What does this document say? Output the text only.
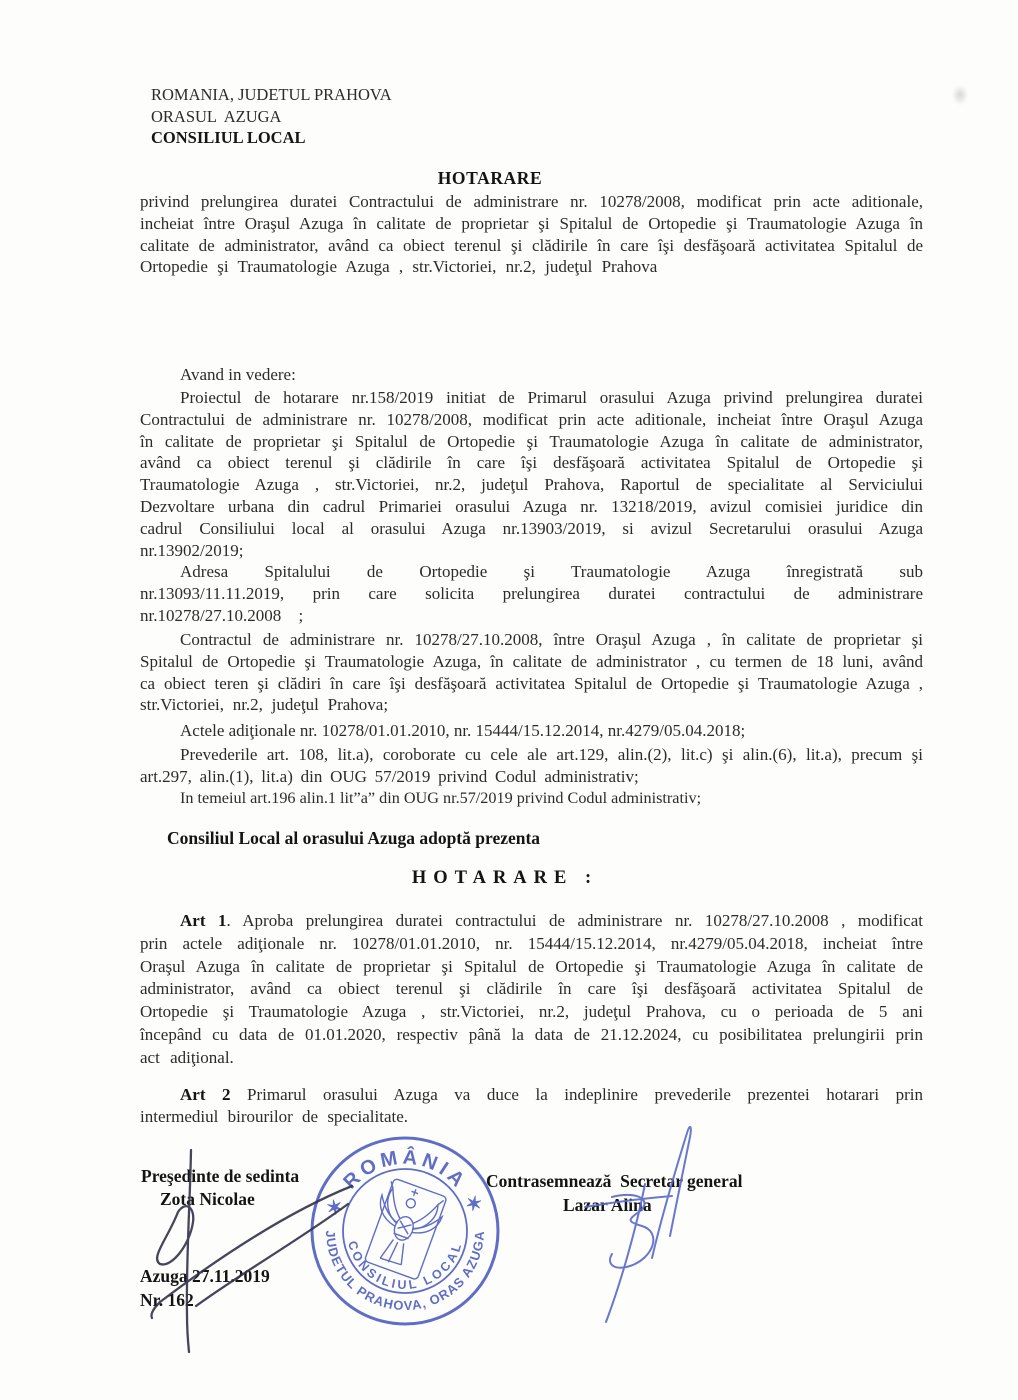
ROMANIA, JUDETUL PRAHOVA
ORASUL  AZUGA
CONSILIUL LOCAL
HOTARARE
privind prelungirea duratei Contractului de administrare nr. 10278/2008, modificat prin acte aditionale, incheiat între Oraşul Azuga în calitate de proprietar şi Spitalul de Ortopedie şi Traumatologie Azuga în calitate de administrator, având ca obiect terenul şi clădirile în care îşi desfăşoară activitatea Spitalul de Ortopedie şi Traumatologie Azuga , str.Victoriei, nr.2, judeţul Prahova
Avand in vedere:
Proiectul de hotarare nr.158/2019 initiat de Primarul orasului Azuga privind prelungirea duratei Contractului de administrare nr. 10278/2008, modificat prin acte aditionale, incheiat între Oraşul Azuga în calitate de proprietar şi Spitalul de Ortopedie şi Traumatologie Azuga în calitate de administrator, având ca obiect terenul şi clădirile în care îşi desfăşoară activitatea Spitalul de Ortopedie şi Traumatologie Azuga , str.Victoriei, nr.2, judeţul Prahova, Raportul de specialitate al Serviciului Dezvoltare urbana din cadrul Primariei orasului Azuga nr. 13218/2019, avizul comisiei juridice din cadrul Consiliului local al orasului Azuga nr.13903/2019, si avizul Secretarului orasului Azuga nr.13902/2019;
Adresa Spitalului de Ortopedie şi Traumatologie Azuga înregistrată sub nr.13093/11.11.2019, prin care solicita prelungirea duratei contractului de administrare nr.10278/27.10.2008 ;
Contractul de administrare nr. 10278/27.10.2008, între Oraşul Azuga , în calitate de proprietar şi Spitalul de Ortopedie şi Traumatologie Azuga, în calitate de administrator , cu termen de 18 luni, având ca obiect teren şi clădiri în care îşi desfăşoară activitatea Spitalul de Ortopedie şi Traumatologie Azuga , str.Victoriei, nr.2, judeţul Prahova;
Actele adiţionale nr. 10278/01.01.2010, nr. 15444/15.12.2014, nr.4279/05.04.2018;
Prevederile art. 108, lit.a), coroborate cu cele ale art.129, alin.(2), lit.c) şi alin.(6), lit.a), precum şi art.297, alin.(1), lit.a) din OUG 57/2019 privind Codul administrativ;
In temeiul art.196 alin.1 lit”a” din OUG nr.57/2019 privind Codul administrativ;
Consiliul Local al orasului Azuga adoptă prezenta
HOTARARE :
Art 1. Aproba prelungirea duratei contractului de administrare nr. 10278/27.10.2008 , modificat prin actele adiţionale nr. 10278/01.01.2010, nr. 15444/15.12.2014, nr.4279/05.04.2018, incheiat între Oraşul Azuga în calitate de proprietar şi Spitalul de Ortopedie şi Traumatologie Azuga în calitate de administrator, având ca obiect terenul şi clădirile în care îşi desfăşoară activitatea Spitalul de Ortopedie şi Traumatologie Azuga , str.Victoriei, nr.2, judeţul Prahova, cu o perioada de 5 ani începând cu data de 01.01.2020, respectiv până la data de 21.12.2024, cu posibilitatea prelungirii prin act adiţional.
Art 2 Primarul orasului Azuga va duce la indeplinire prevederile prezentei hotarari prin intermediul birourilor de specialitate.
Preşedinte de sedinta
Zota Nicolae
Contrasemnează  Secretar general
Lazar Alina
Azuga 27.11.2019
Nr. 162
✶ ROMÂNIA ✶
JUDETUL PRAHOVA, ORAS AZUGA
CONSILIUL LOCAL
